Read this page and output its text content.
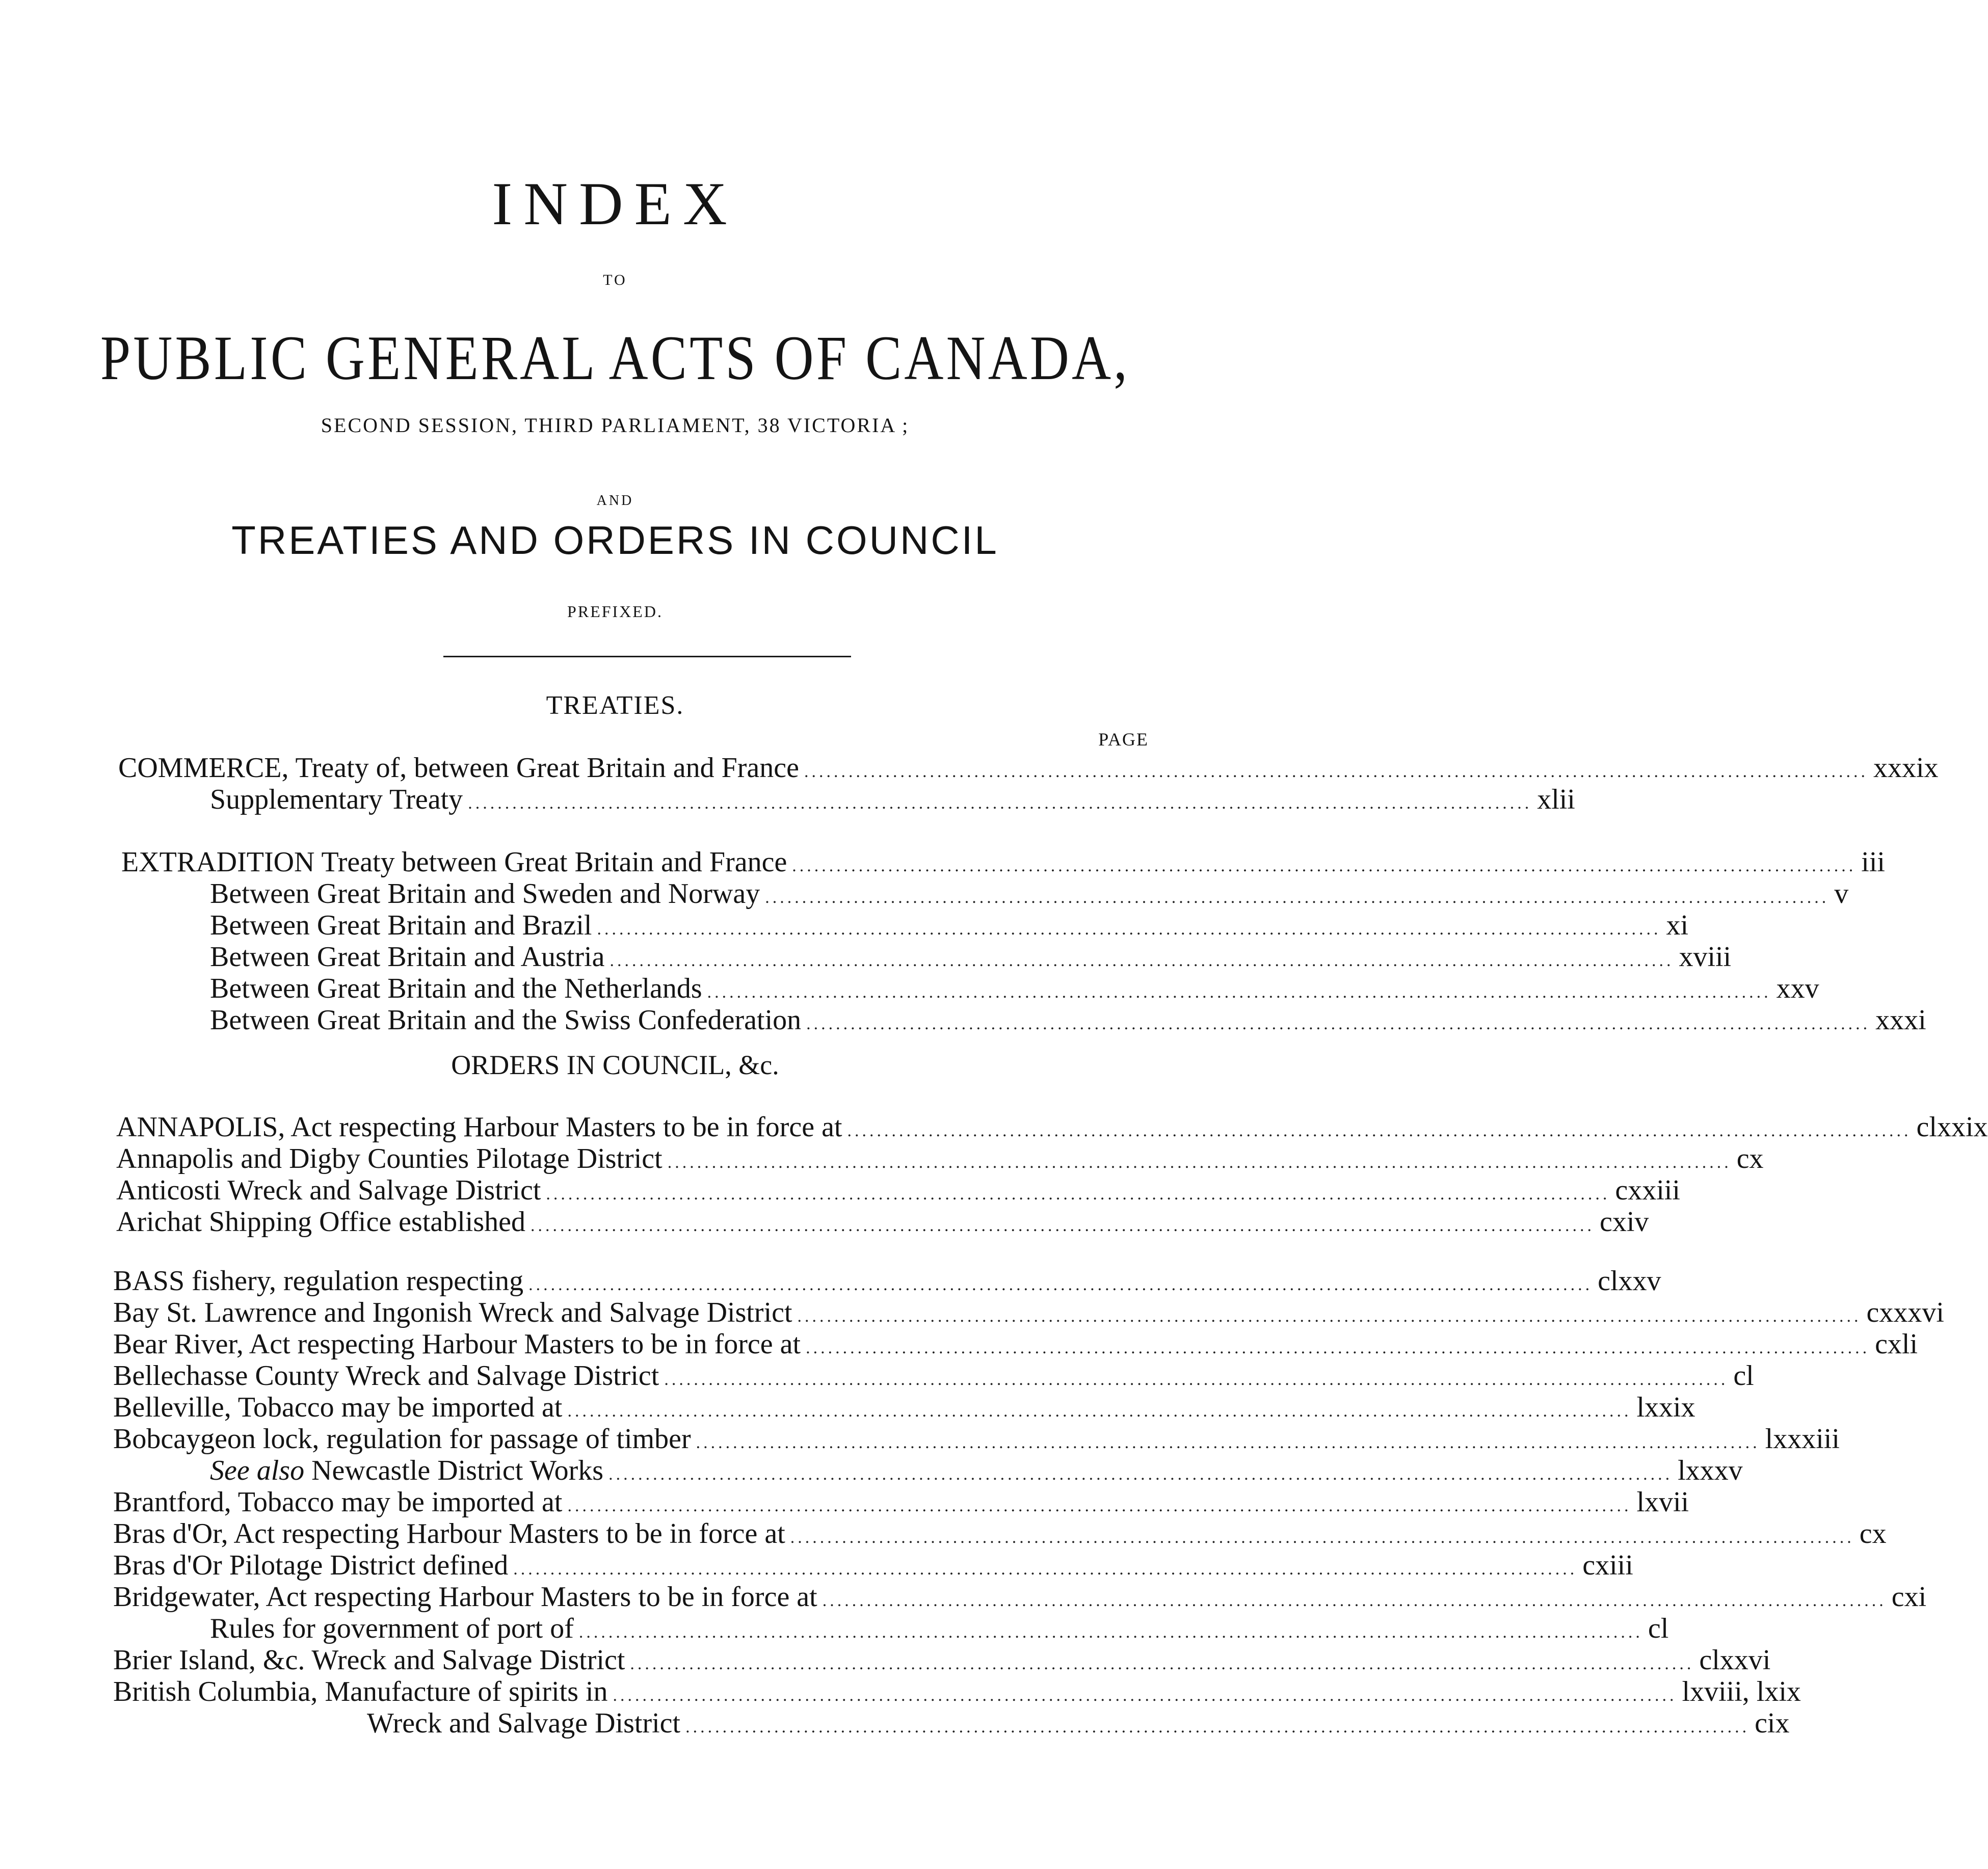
INDEX
TO
PUBLIC GENERAL ACTS OF CANADA,
SECOND SESSION, THIRD PARLIAMENT, 38 VICTORIA ;
AND
TREATIES AND ORDERS IN COUNCIL
PREFIXED.
TREATIES.
PAGE
COMMERCE, Treaty of, between Great Britain and France ................................................................................................................................................ xxxix
Supplementary Treaty ................................................................................................................................................ xlii
EXTRADITION Treaty between Great Britain and France ................................................................................................................................................ iii
Between Great Britain and Sweden and Norway ................................................................................................................................................ v
Between Great Britain and Brazil ................................................................................................................................................ xi
Between Great Britain and Austria ................................................................................................................................................ xviii
Between Great Britain and the Netherlands ................................................................................................................................................ xxv
Between Great Britain and the Swiss Confederation ................................................................................................................................................ xxxi
ORDERS IN COUNCIL, &c.
ANNAPOLIS, Act respecting Harbour Masters to be in force at ................................................................................................................................................ clxxix
Annapolis and Digby Counties Pilotage District ................................................................................................................................................ cx
Anticosti Wreck and Salvage District ................................................................................................................................................ cxxiii
Arichat Shipping Office established ................................................................................................................................................ cxiv
BASS fishery, regulation respecting ................................................................................................................................................ clxxv
Bay St. Lawrence and Ingonish Wreck and Salvage District ................................................................................................................................................ cxxxvi
Bear River, Act respecting Harbour Masters to be in force at ................................................................................................................................................ cxli
Bellechasse County Wreck and Salvage District ................................................................................................................................................ cl
Belleville, Tobacco may be imported at ................................................................................................................................................ lxxix
Bobcaygeon lock, regulation for passage of timber ................................................................................................................................................ lxxxiii
See also Newcastle District Works ................................................................................................................................................ lxxxv
Brantford, Tobacco may be imported at ................................................................................................................................................ lxvii
Bras d'Or, Act respecting Harbour Masters to be in force at ................................................................................................................................................ cx
Bras d'Or Pilotage District defined ................................................................................................................................................ cxiii
Bridgewater, Act respecting Harbour Masters to be in force at ................................................................................................................................................ cxi
Rules for government of port of ................................................................................................................................................ cl
Brier Island, &c. Wreck and Salvage District ................................................................................................................................................ clxxvi
British Columbia, Manufacture of spirits in ................................................................................................................................................ lxviii, lxix
Wreck and Salvage District ................................................................................................................................................ cix
